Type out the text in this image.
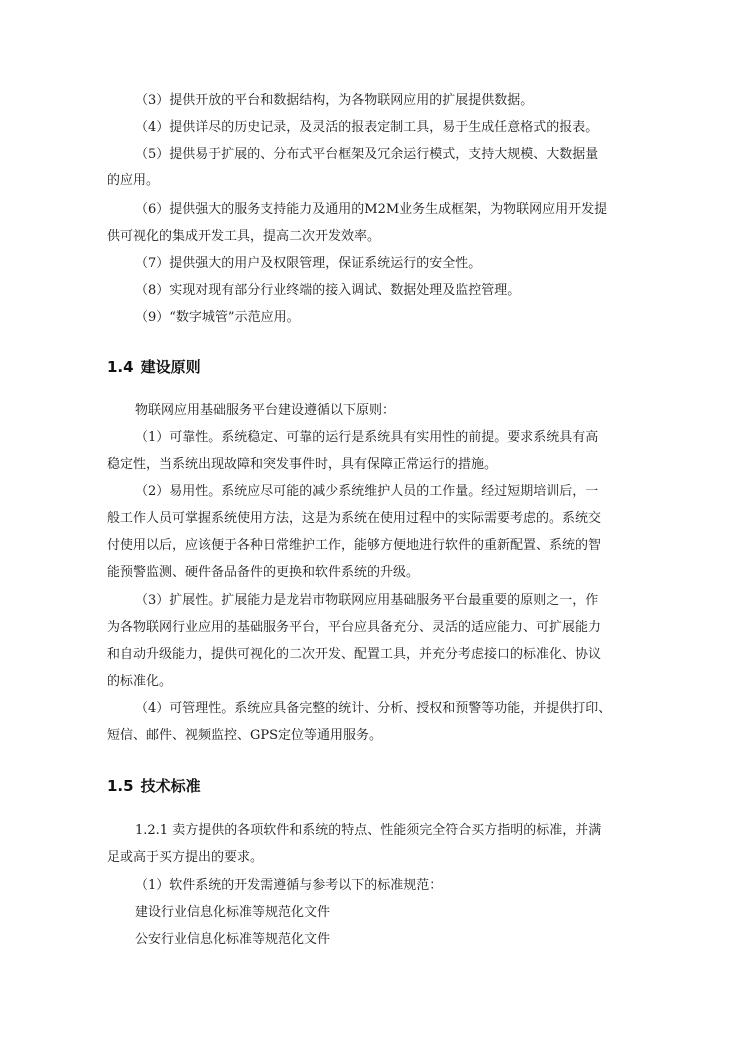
（3）提供开放的平台和数据结构，为各物联网应用的扩展提供数据。
（4）提供详尽的历史记录，及灵活的报表定制工具，易于生成任意格式的报表。
（5）提供易于扩展的、分布式平台框架及冗余运行模式，支持大规模、大数据量
的应用。
（6）提供强大的服务支持能力及通用的M2M业务生成框架，为物联网应用开发提
供可视化的集成开发工具，提高二次开发效率。
（7）提供强大的用户及权限管理，保证系统运行的安全性。
（8）实现对现有部分行业终端的接入调试、数据处理及监控管理。
（9）“数字城管”示范应用。
1.4 建设原则
物联网应用基础服务平台建设遵循以下原则：
（1）可靠性。系统稳定、可靠的运行是系统具有实用性的前提。要求系统具有高
稳定性，当系统出现故障和突发事件时，具有保障正常运行的措施。
（2）易用性。系统应尽可能的减少系统维护人员的工作量。经过短期培训后，一
般工作人员可掌握系统使用方法，这是为系统在使用过程中的实际需要考虑的。系统交
付使用以后，应该便于各种日常维护工作，能够方便地进行软件的重新配置、系统的智
能预警监测、硬件备品备件的更换和软件系统的升级。
（3）扩展性。扩展能力是龙岩市物联网应用基础服务平台最重要的原则之一，作
为各物联网行业应用的基础服务平台，平台应具备充分、灵活的适应能力、可扩展能力
和自动升级能力，提供可视化的二次开发、配置工具，并充分考虑接口的标准化、协议
的标准化。
（4）可管理性。系统应具备完整的统计、分析、授权和预警等功能，并提供打印、
短信、邮件、视频监控、GPS定位等通用服务。
1.5 技术标准
1.2.1 卖方提供的各项软件和系统的特点、性能须完全符合买方指明的标准，并满
足或高于买方提出的要求。
（1）软件系统的开发需遵循与参考以下的标准规范：
建设行业信息化标准等规范化文件
公安行业信息化标准等规范化文件
